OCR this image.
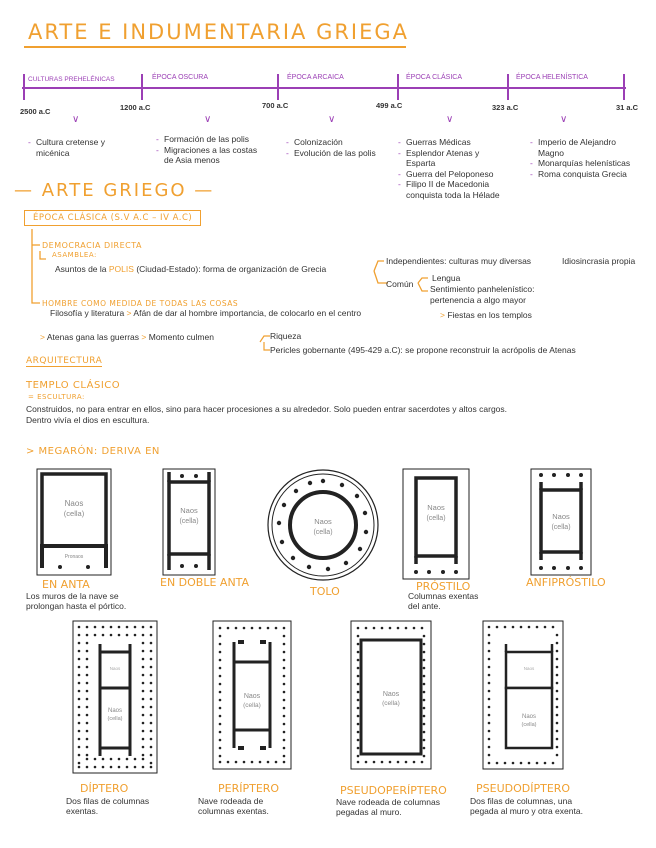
ARTE E INDUMENTARIA GRIEGA
CULTURAS PREHELÉNICAS	ÉPOCA OSCURA	ÉPOCA ARCAICA	ÉPOCA CLÁSICA	ÉPOCA HELENÍSTICA
2500 a.C	1200 a.C	700 a.C	499 a.C	323 a.C	31 a.C
∨	∨	∨	∨	∨
- Cultura cretense y micénica
- Formación de las polis
- Migraciones a las costas de Asia menos
- Colonización
- Evolución de las polis
- Guerras Médicas
- Esplendor Atenas y Esparta
- Guerra del Peloponeso
- Filipo II de Macedonia conquista toda la Hélade
- Imperio de Alejandro Magno
- Monarquías helenísticas
- Roma conquista Grecia
— ARTE GRIEGO —
ÉPOCA CLÁSICA (S.V A.C – IV A.C)
DEMOCRACIA DIRECTA
ASAMBLEA:
Asuntos de la POLIS (Ciudad-Estado): forma de organización de Grecia
Independientes: culturas muy diversas	Idiosincrasia propia
Común
Lengua
Sentimiento panhelenístico: pertenencia a algo mayor
> Fiestas en los templos
HOMBRE COMO MEDIDA DE TODAS LAS COSAS
Filosofía y literatura > Afán de dar al hombre importancia, de colocarlo en el centro
> Atenas gana las guerras > Momento culmen	Riqueza
Pericles gobernante (495-429 a.C): se propone reconstruir la acrópolis de Atenas
ARQUITECTURA
TEMPLO CLÁSICO
= ESCULTURA:
Construidos, no para entrar en ellos, sino para hacer procesiones a su alrededor. Solo pueden entrar sacerdotes y altos cargos.
Dentro vivía el dios en escultura.
> MEGARÓN: DERIVA EN
Naos
(cella)
Pronaos
EN ANTA
Los muros de la nave se prolongan hasta el pórtico.
Naos
(cella)
EN DOBLE ANTA
Naos
(cella)
TOLO
Naos
(cella)
PRÓSTILO
Columnas exentas del ante.
Naos
(cella)
ANFIPRÓSTILO
Naos
Naos
(cella)
DÍPTERO
Dos filas de columnas exentas.
Naos
(cella)
PERÍPTERO
Nave rodeada de columnas exentas.
Naos
(cella)
PSEUDOPERÍPTERO
Nave rodeada de columnas pegadas al muro.
Naos
Naos
(cella)
PSEUDODÍPTERO
Dos filas de columnas, una pegada al muro y otra exenta.
